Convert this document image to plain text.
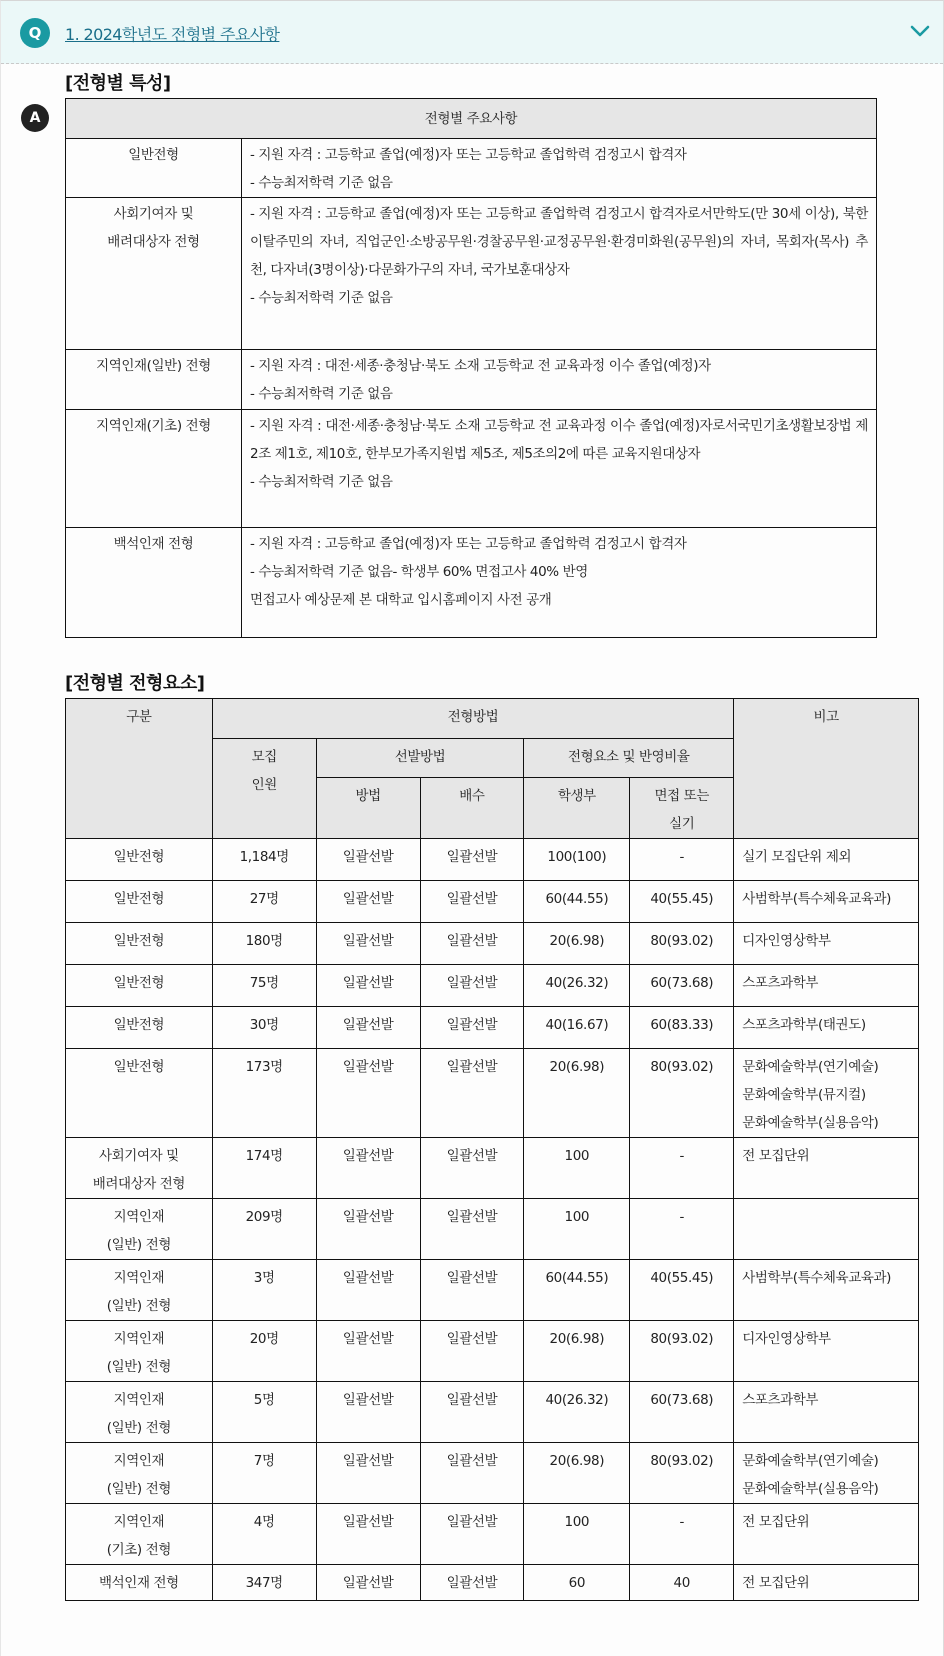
Q	1. 2024학년도 전형별 주요사항
[전형별 특성]
A	전형별 주요사항	

일반전형	- 지원 자격 : 고등학교 졸업(예정)자 또는 고등학교 졸업학력 검정고시 합격자
- 수능최저학력 기준 없음

사회기여자 및
배려대상자 전형	- 지원 자격 : 고등학교 졸업(예정)자 또는 고등학교 졸업학력 검정고시 합격자로서만학도(만 30세 이상), 북한이탈주민의 자녀, 직업군인·소방공무원·경찰공무원·교정공무원·환경미화원(공무원)의 자녀, 목회자(목사) 추천, 다자녀(3명이상)·다문화가구의 자녀, 국가보훈대상자
- 수능최저학력 기준 없음

지역인재(일반) 전형	- 지원 자격 : 대전·세종·충청남·북도 소재 고등학교 전 교육과정 이수 졸업(예정)자
- 수능최저학력 기준 없음

지역인재(기초) 전형	- 지원 자격 : 대전·세종·충청남·북도 소재 고등학교 전 교육과정 이수 졸업(예정)자로서국민기초생활보장법 제2조 제1호, 제10호, 한부모가족지원법 제5조, 제5조의2에 따른 교육지원대상자
- 수능최저학력 기준 없음

백석인재 전형	- 지원 자격 : 고등학교 졸업(예정)자 또는 고등학교 졸업학력 검정고시 합격자
- 수능최저학력 기준 없음- 학생부 60% 면접고사 40% 반영
면접고사 예상문제 본 대학교 입시홈페이지 사전 공개
[전형별 전형요소]
구분	전형방법					비고

	모집
인원	선발방법		전형요소 및 반영비율		
		방법	배수	학생부	면접 또는
실기	

일반전형	1,184명	일괄선발	일괄선발	100(100)	-	실기 모집단위 제외

일반전형	27명	일괄선발	일괄선발	60(44.55)	40(55.45)	사범학부(특수체육교육과)

일반전형	180명	일괄선발	일괄선발	20(6.98)	80(93.02)	디자인영상학부

일반전형	75명	일괄선발	일괄선발	40(26.32)	60(73.68)	스포츠과학부

일반전형	30명	일괄선발	일괄선발	40(16.67)	60(83.33)	스포츠과학부(태권도)

일반전형	173명	일괄선발	일괄선발	20(6.98)	80(93.02)	문화예술학부(연기예술)
문화예술학부(뮤지컬)
문화예술학부(실용음악)

사회기여자 및
배려대상자 전형	174명	일괄선발	일괄선발	100	-	전 모집단위

지역인재
(일반) 전형	209명	일괄선발	일괄선발	100	-	

지역인재
(일반) 전형	3명	일괄선발	일괄선발	60(44.55)	40(55.45)	사범학부(특수체육교육과)

지역인재
(일반) 전형	20명	일괄선발	일괄선발	20(6.98)	80(93.02)	디자인영상학부

지역인재
(일반) 전형	5명	일괄선발	일괄선발	40(26.32)	60(73.68)	스포츠과학부

지역인재
(일반) 전형	7명	일괄선발	일괄선발	20(6.98)	80(93.02)	문화예술학부(연기예술)
문화예술학부(실용음악)

지역인재
(기초) 전형	4명	일괄선발	일괄선발	100	-	전 모집단위

백석인재 전형	347명	일괄선발	일괄선발	60	40	전 모집단위
